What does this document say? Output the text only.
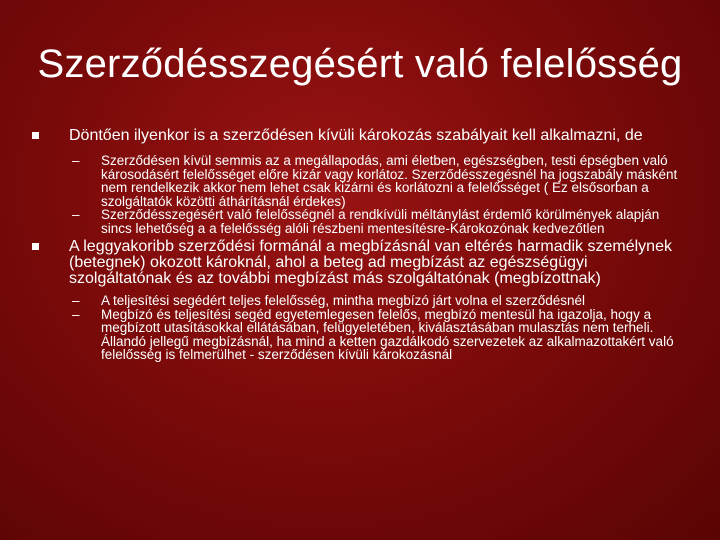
Szerződésszegésért való felelősség
Döntően ilyenkor is a szerződésen kívüli károkozás szabályait kell alkalmazni, de
– Szerződésen kívül semmis az a megállapodás, ami életben, egészségben, testi épségben való károsodásért felelősséget előre kizár vagy korlátoz. Szerződésszegésnél ha jogszabály másként nem rendelkezik akkor nem lehet csak kizárni és korlátozni a felelősséget ( Ez elsősorban a szolgáltatók közötti áthárításnál érdekes)
– Szerződésszegésért való felelősségnél a rendkívüli méltánylást érdemlő körülmények alapján sincs lehetőség a a felelősség alóli részbeni mentesítésre-Károkozónak kedvezőtlen
A leggyakoribb szerződési formánál a megbízásnál van eltérés harmadik személynek (betegnek) okozott károknál, ahol a beteg ad megbízást az egészségügyi szolgáltatónak és az további megbízást más szolgáltatónak (megbízottnak)
– A teljesítési segédért teljes felelősség, mintha megbízó járt volna el szerződésnél
– Megbízó és teljesítési segéd egyetemlegesen felelős, megbízó mentesül ha igazolja, hogy a megbízott utasításokkal ellátásában, felügyeletében, kiválasztásában mulasztás nem terheli. Állandó jellegű megbízásnál, ha mind a ketten gazdálkodó szervezetek az alkalmazottakért való felelősség is felmerülhet - szerződésen kívüli károkozásnál
